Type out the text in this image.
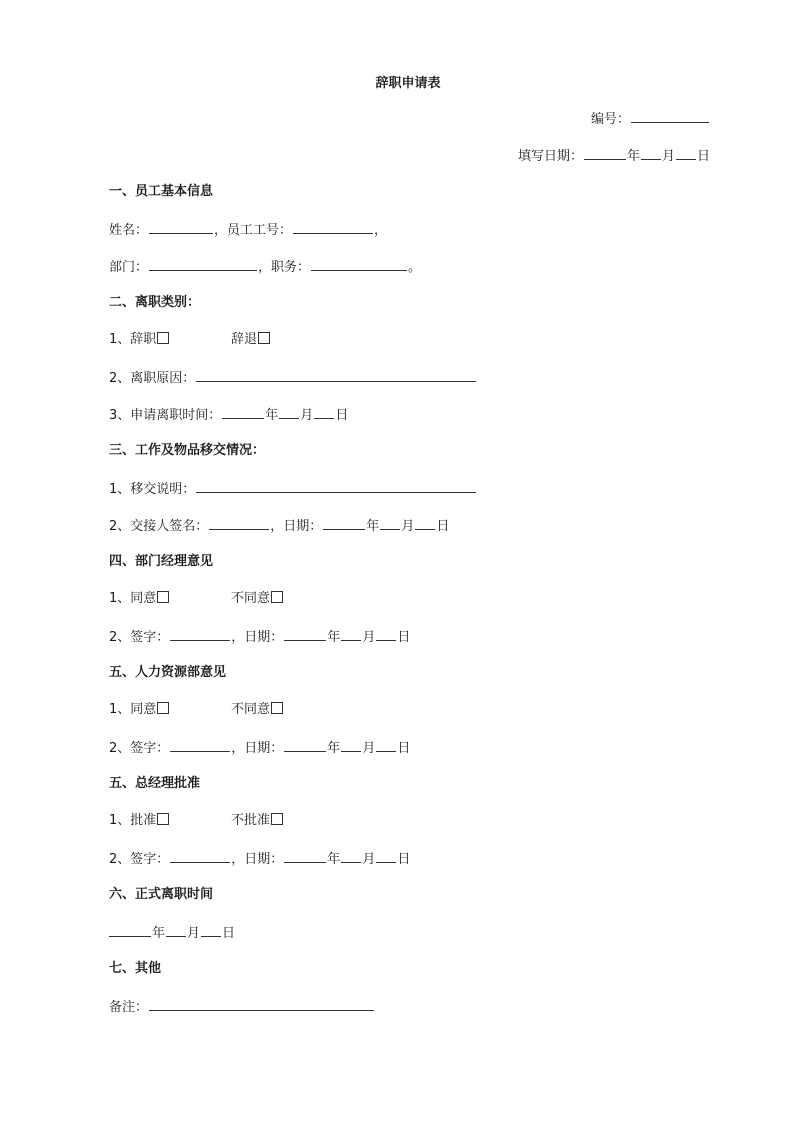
辞职申请表
编号：
填写日期：	年 月 日
一、员工基本信息
姓名：	，员工工号：	，
部门：	，职务：	。
二、离职类别：
1、辞职	辞退
2、离职原因：
3、申请离职时间：	年 月 日
三、工作及物品移交情况：
1、移交说明：
2、交接人签名：	，日期：	年 月 日
四、部门经理意见
1、同意	不同意
2、签字：	，日期：	年 月 日
五、人力资源部意见
1、同意	不同意
2、签字：	，日期：	年 月 日
五、总经理批准
1、批准	不批准
2、签字：	，日期：	年 月 日
六、正式离职时间
年 月 日
七、其他
备注：
